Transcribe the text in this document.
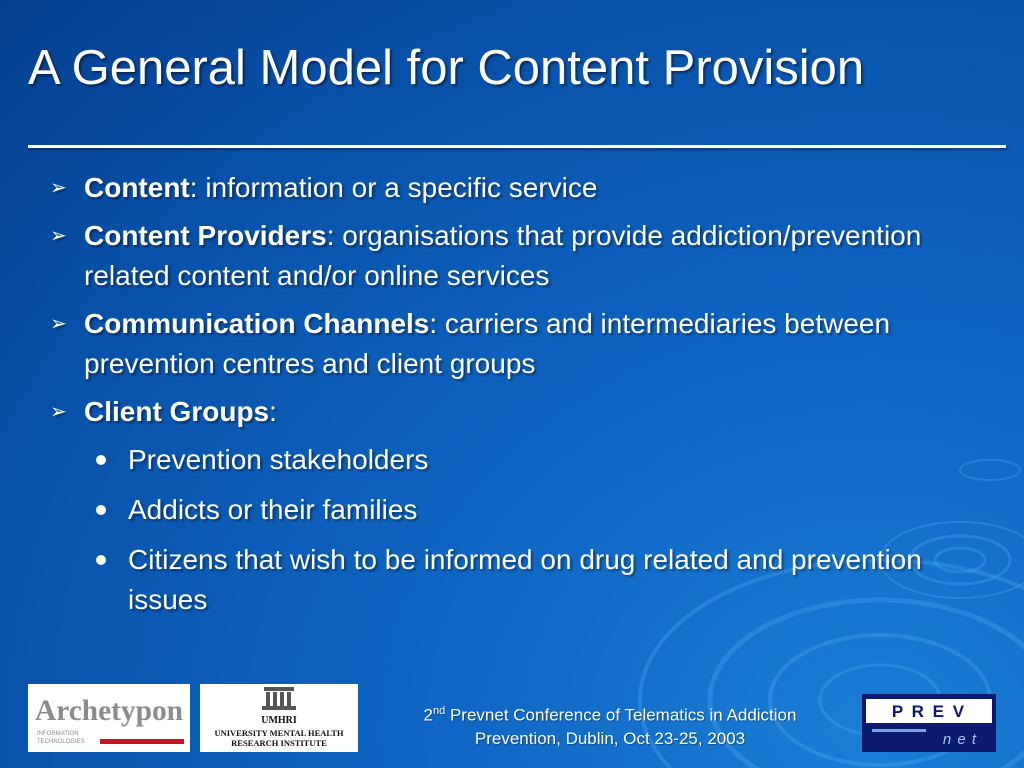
A General Model for Content Provision
➢ Content: information or a specific service
➢ Content Providers: organisations that provide addiction/prevention related content and/or online services
➢ Communication Channels: carriers and intermediaries between prevention centres and client groups
➢ Client Groups:
Prevention stakeholders
Addicts or their families
Citizens that wish to be informed on drug related and prevention issues
Archetypon
INFORMATION
TECHNOLOGIES
UMHRI
UNIVERSITY MENTAL HEALTH
RESEARCH INSTITUTE
2nd Prevnet Conference of Telematics in Addiction
Prevention, Dublin, Oct 23-25, 2003
P R E V
n e t
